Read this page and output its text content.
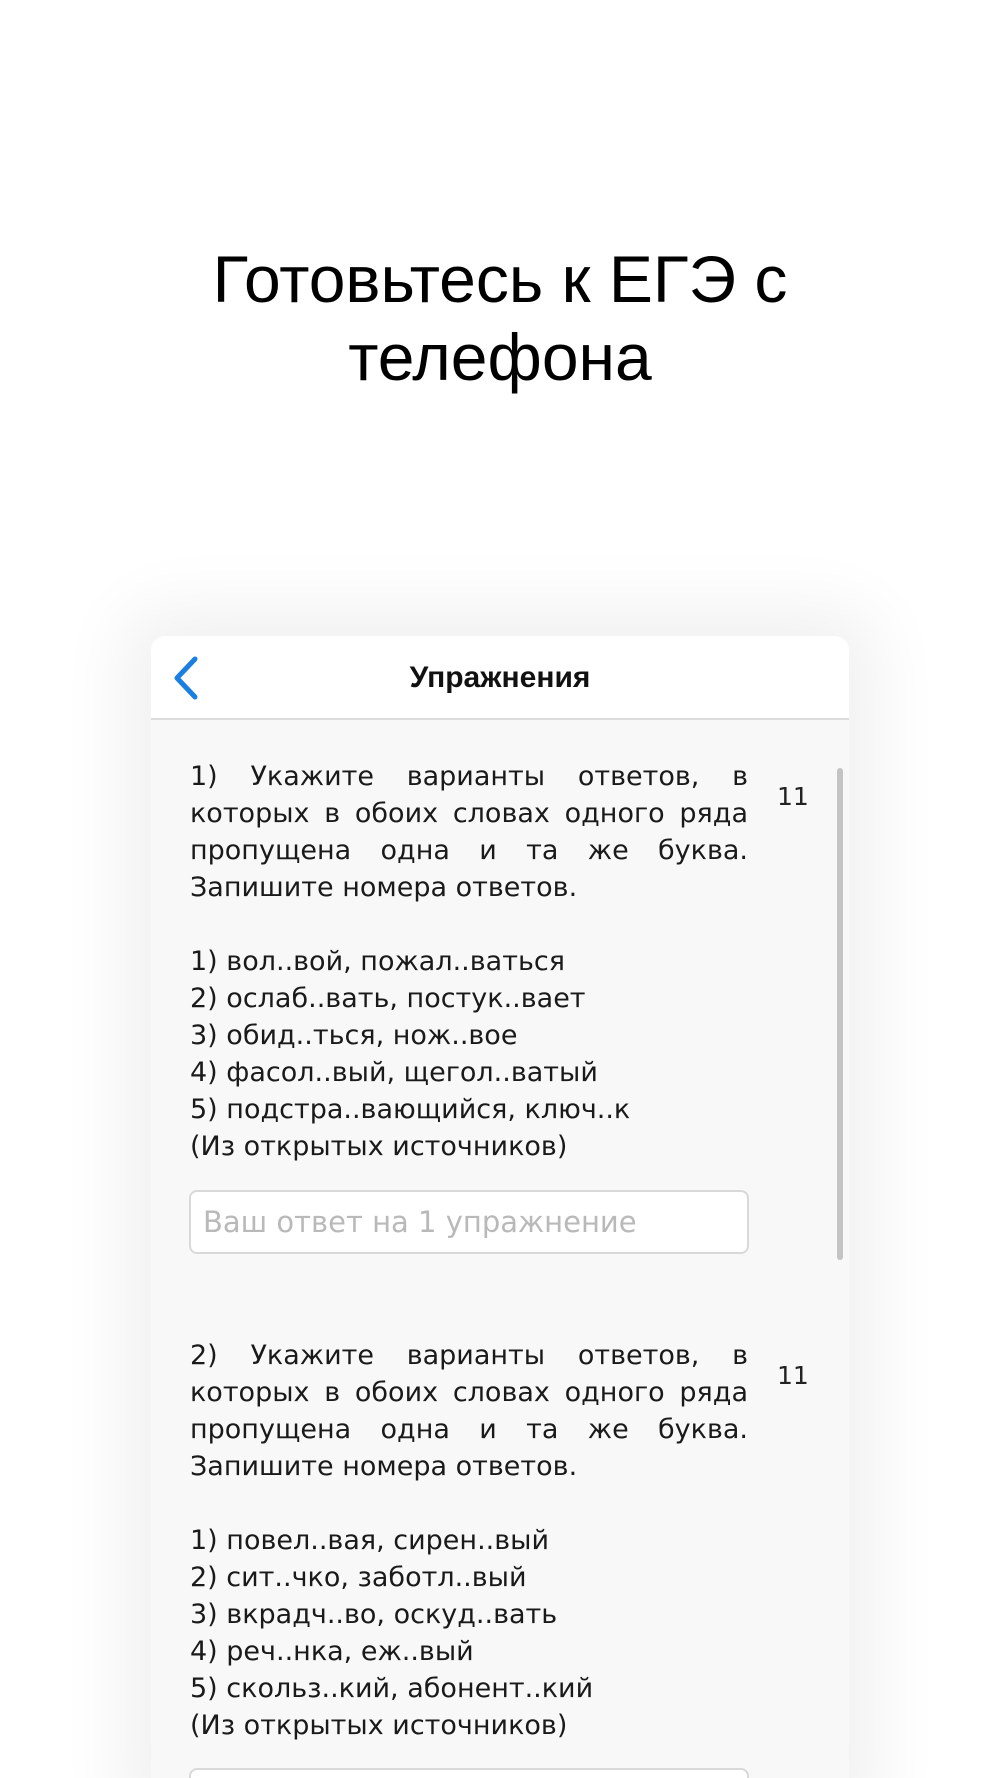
Готовьтесь к ЕГЭ с
телефона
Упражнения
1) Укажите варианты ответов, в которых в обоих словах одного ряда пропущена одна и та же буква. Запишите номера ответов.
1) вол..вой, пожал..ваться
2) ослаб..вать, постук..вает
3) обид..ться, нож..вое
4) фасол..вый, щегол..ватый
5) подстра..вающийся, ключ..к
(Из открытых источников)
11
Ваш ответ на 1 упражнение
2) Укажите варианты ответов, в которых в обоих словах одного ряда пропущена одна и та же буква. Запишите номера ответов.
1) повел..вая, сирен..вый
2) сит..чко, заботл..вый
3) вкрадч..во, оскуд..вать
4) реч..нка, еж..вый
5) скольз..кий, абонент..кий
(Из открытых источников)
11
Ваш ответ на 2 упражнение
